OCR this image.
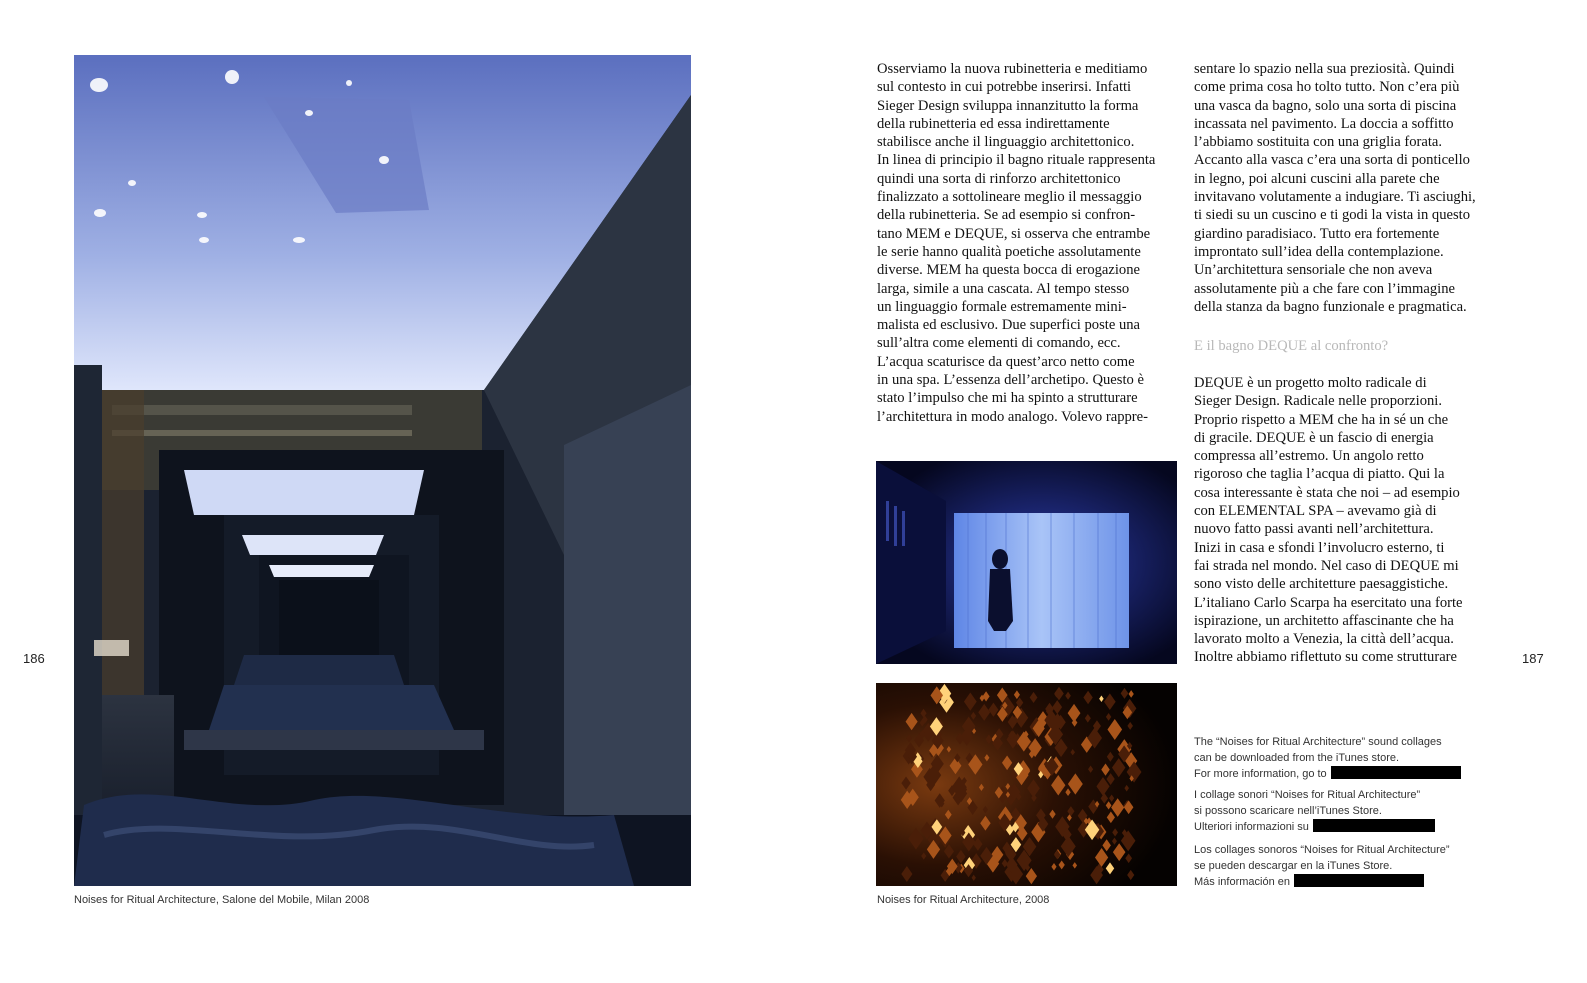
186
Noises for Ritual Architecture, Salone del Mobile, Milan 2008
187
Osserviamo la nuova rubinetteria e meditiamo
sul contesto in cui potrebbe inserirsi. Infatti
Sieger Design sviluppa innanzitutto la forma
della rubinetteria ed essa indirettamente
stabilisce anche il linguaggio architettonico.
In linea di principio il bagno rituale rappresenta
quindi una sorta di rinforzo architettonico
finalizzato a sottolineare meglio il messaggio
della rubinetteria. Se ad esempio si confron-
tano MEM e DEQUE, si osserva che entrambe
le serie hanno qualità poetiche assolutamente
diverse. MEM ha questa bocca di erogazione
larga, simile a una cascata. Al tempo stesso
un linguaggio formale estremamente mini-
malista ed esclusivo. Due superfici poste una
sull’altra come elementi di comando, ecc.
L’acqua scaturisce da quest’arco netto come
in una spa. L’essenza dell’archetipo. Questo è
stato l’impulso che mi ha spinto a strutturare
l’architettura in modo analogo. Volevo rappre-
sentare lo spazio nella sua preziosità. Quindi
come prima cosa ho tolto tutto. Non c’era più
una vasca da bagno, solo una sorta di piscina
incassata nel pavimento. La doccia a soffitto
l’abbiamo sostituita con una griglia forata.
Accanto alla vasca c’era una sorta di ponticello
in legno, poi alcuni cuscini alla parete che
invitavano volutamente a indugiare. Ti asciughi,
ti siedi su un cuscino e ti godi la vista in questo
giardino paradisiaco. Tutto era fortemente
improntato sull’idea della contemplazione.
Un’architettura sensoriale che non aveva
assolutamente più a che fare con l’immagine
della stanza da bagno funzionale e pragmatica.
E il bagno DEQUE al confronto?
DEQUE è un progetto molto radicale di
Sieger Design. Radicale nelle proporzioni.
Proprio rispetto a MEM che ha in sé un che
di gracile. DEQUE è un fascio di energia
compressa all’estremo. Un angolo retto
rigoroso che taglia l’acqua di piatto. Qui la
cosa interessante è stata che noi – ad esempio
con ELEMENTAL SPA – avevamo già di
nuovo fatto passi avanti nell’architettura.
Inizi in casa e sfondi l’involucro esterno, ti
fai strada nel mondo. Nel caso di DEQUE mi
sono visto delle architetture paesaggistiche.
L’italiano Carlo Scarpa ha esercitato una forte
ispirazione, un architetto affascinante che ha
lavorato molto a Venezia, la città dell’acqua.
Inoltre abbiamo riflettuto su come strutturare
Noises for Ritual Architecture, 2008
The “Noises for Ritual Architecture” sound collages
can be downloaded from the iTunes store.
For more information, go to
I collage sonori “Noises for Ritual Architecture”
si possono scaricare nell’iTunes Store.
Ulteriori informazioni su
Los collages sonoros “Noises for Ritual Architecture”
se pueden descargar en la iTunes Store.
Más información en
